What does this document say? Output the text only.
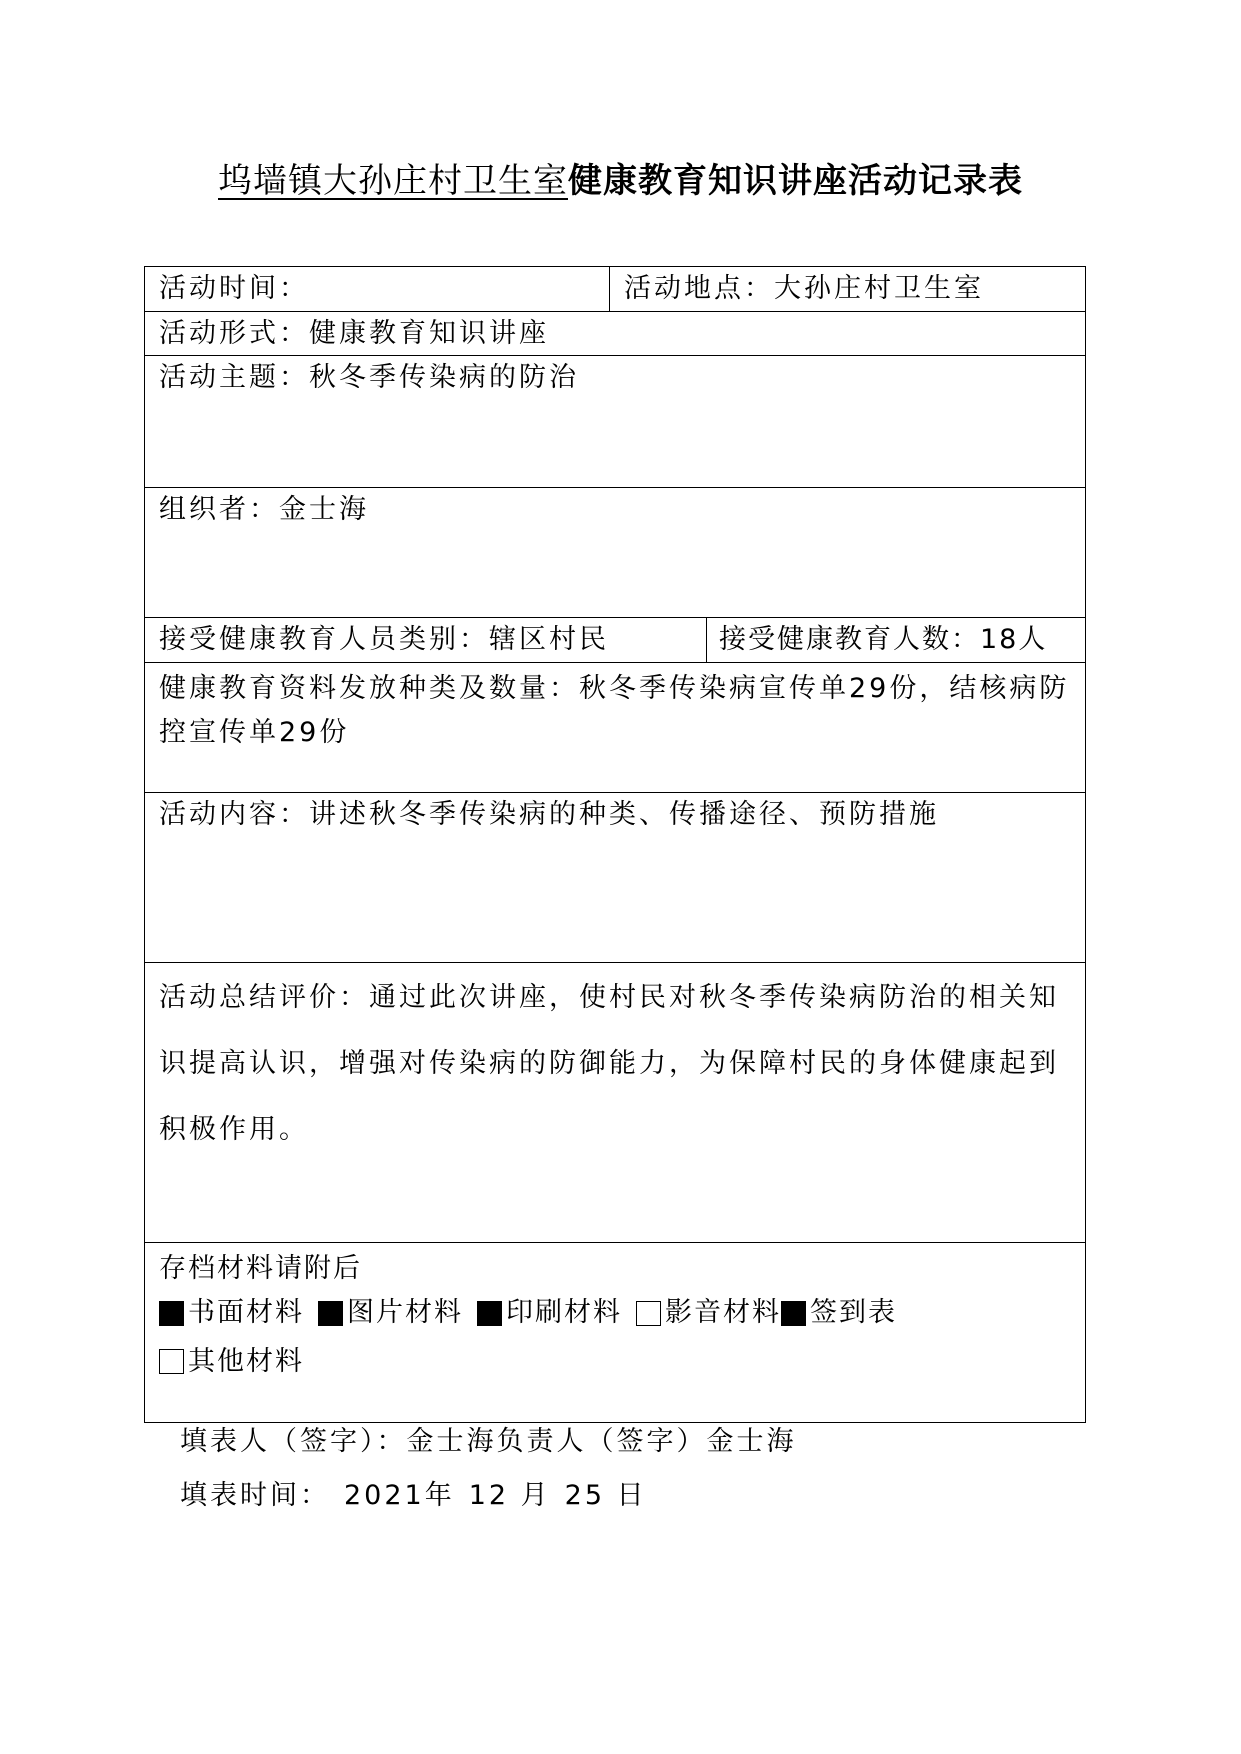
坞墙镇大孙庄村卫生室健康教育知识讲座活动记录表
活动时间：	活动地点：大孙庄村卫生室
活动形式：健康教育知识讲座
活动主题：秋冬季传染病的防治
组织者：金士海
接受健康教育人员类别：辖区村民	接受健康教育人数：18人
健康教育资料发放种类及数量：秋冬季传染病宣传单29份，结核病防控宣传单29份
活动内容：讲述秋冬季传染病的种类、传播途径、预防措施
活动总结评价：通过此次讲座，使村民对秋冬季传染病防治的相关知识提高认识，增强对传染病的防御能力，为保障村民的身体健康起到积极作用。
存档材料请附后
书面材料 图片材料 印刷材料 影音材料 签到表
其他材料
填表人（签字）：金士海负责人（签字）金士海
填表时间： 2021年 12 月 25 日
